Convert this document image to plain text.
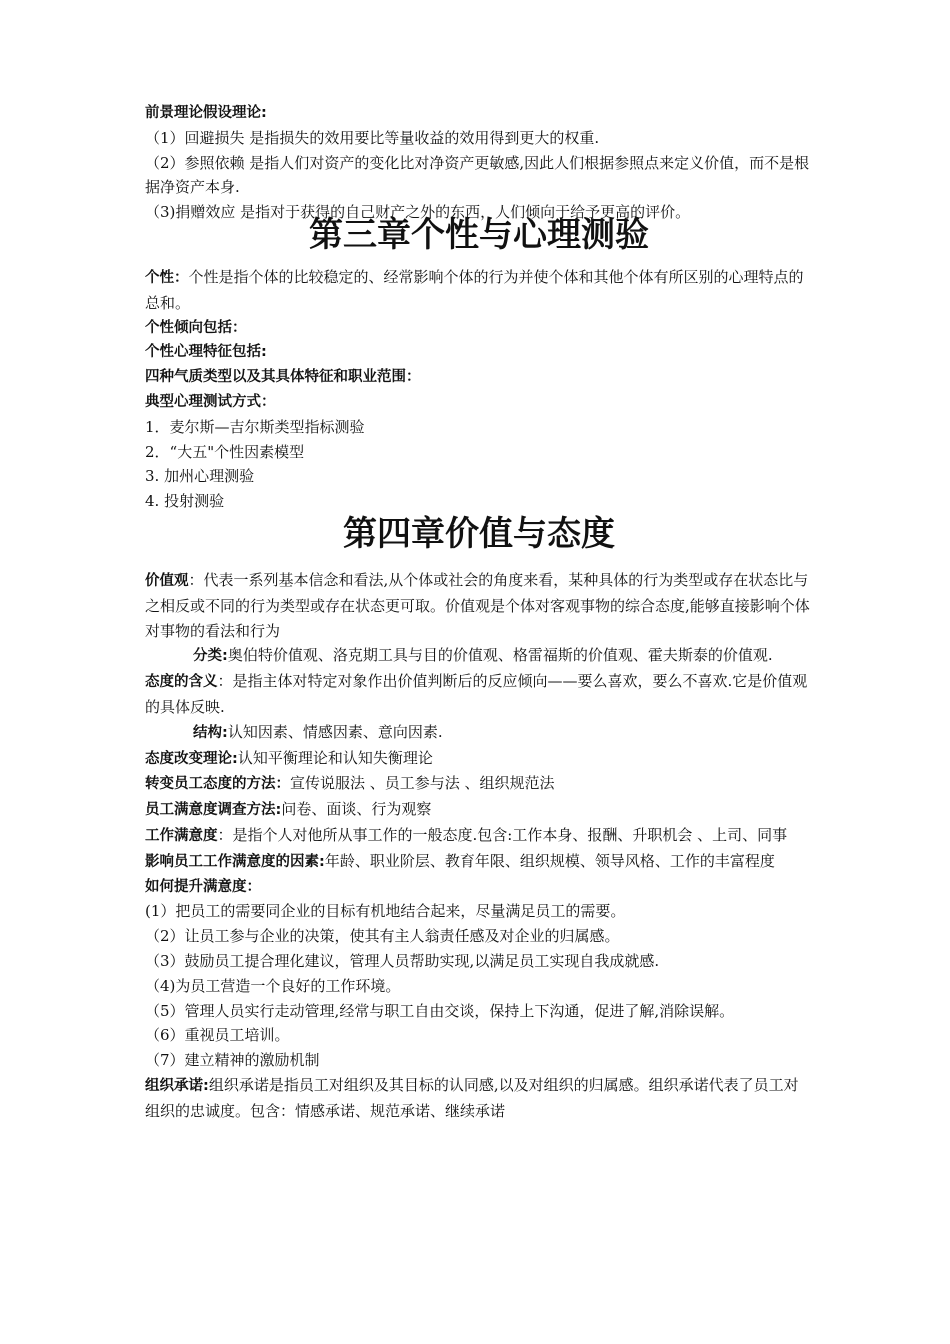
前景理论假设理论:

（1）回避损失 是指损失的效用要比等量收益的效用得到更大的权重.

（2）参照依赖 是指人们对资产的变化比对净资产更敏感,因此人们根据参照点来定义价值，而不是根据净资产本身.

（3)捐赠效应 是指对于获得的自己财产之外的东西，人们倾向于给予更高的评价。

第三章个性与心理测验

个性：个性是指个体的比较稳定的、经常影响个体的行为并使个体和其他个体有所区别的心理特点的总和。

个性倾向包括：

个性心理特征包括:

四种气质类型以及其具体特征和职业范围：

典型心理测试方式：

1．麦尔斯—吉尔斯类型指标测验

2．“大五"个性因素模型

3. 加州心理测验

4. 投射测验

第四章价值与态度

价值观：代表一系列基本信念和看法,从个体或社会的角度来看，某种具体的行为类型或存在状态比与之相反或不同的行为类型或存在状态更可取。价值观是个体对客观事物的综合态度,能够直接影响个体对事物的看法和行为

分类:奥伯特价值观、洛克期工具与目的价值观、格雷福斯的价值观、霍夫斯泰的价值观.

态度的含义：是指主体对特定对象作出价值判断后的反应倾向——要么喜欢，要么不喜欢.它是价值观的具体反映.

结构:认知因素、情感因素、意向因素.

态度改变理论:认知平衡理论和认知失衡理论

转变员工态度的方法：宣传说服法 、员工参与法 、组织规范法

员工满意度调查方法:问卷、面谈、行为观察

工作满意度：是指个人对他所从事工作的一般态度.包含:工作本身、报酬、升职机会 、上司、同事

影响员工工作满意度的因素:年龄、职业阶层、教育年限、组织规模、领导风格、工作的丰富程度

如何提升满意度：

(1）把员工的需要同企业的目标有机地结合起来，尽量满足员工的需要。

（2）让员工参与企业的决策，使其有主人翁责任感及对企业的归属感。

（3）鼓励员工提合理化建议，管理人员帮助实现,以满足员工实现自我成就感.

（4)为员工营造一个良好的工作环境。

（5）管理人员实行走动管理,经常与职工自由交谈，保持上下沟通，促进了解,消除误解。

（6）重视员工培训。

（7）建立精神的激励机制

组织承诺:组织承诺是指员工对组织及其目标的认同感,以及对组织的归属感。组织承诺代表了员工对组织的忠诚度。包含：情感承诺、规范承诺、继续承诺
